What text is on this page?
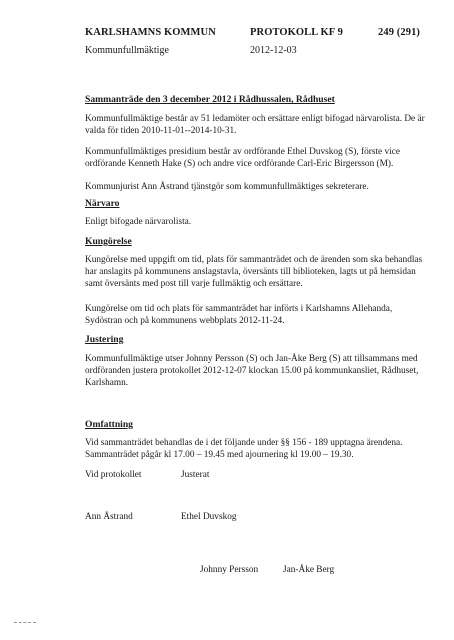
KARLSHAMNS KOMMUN	PROTOKOLL KF 9	249 (291)
Kommunfullmäktige	2012-12-03
Sammanträde den 3 december 2012 i Rådhussalen, Rådhuset
Kommunfullmäktige består av 51 ledamöter och ersättare enligt bifogad närvarolista. De är valda för tiden 2010-11-01--2014-10-31.
Kommunfullmäktiges presidium består av ordförande Ethel Duvskog (S), förste vice ordförande Kenneth Hake (S) och andre vice ordförande Carl-Eric Birgersson (M).
Kommunjurist Ann Åstrand tjänstgör som kommunfullmäktiges sekreterare.
Närvaro
Enligt bifogade närvarolista.
Kungörelse
Kungörelse med uppgift om tid, plats för sammanträdet och de ärenden som ska behandlas har anslagits på kommunens anslagstavla, översänts till biblioteken, lagts ut på hemsidan samt översänts med post till varje fullmäktig och ersättare.
Kungörelse om tid och plats för sammanträdet har införts i Karlshamns Allehanda, Sydöstran och på kommunens webbplats 2012-11-24.
Justering
Kommunfullmäktige utser Johnny Persson (S) och Jan-Åke Berg (S) att tillsammans med ordföranden justera protokollet 2012-12-07 klockan 15.00 på kommunkansliet, Rådhuset, Karlshamn.
Omfattning
Vid sammanträdet behandlas de i det följande under §§ 156 - 189 upptagna ärendena. Sammanträdet pågår kl 17.00 – 19.45 med ajournering kl 19.00 – 19.30.
Vid protokollet	Justerat
Ann Åstrand	Ethel Duvskog
Johnny Persson	Jan-Åke Berg
